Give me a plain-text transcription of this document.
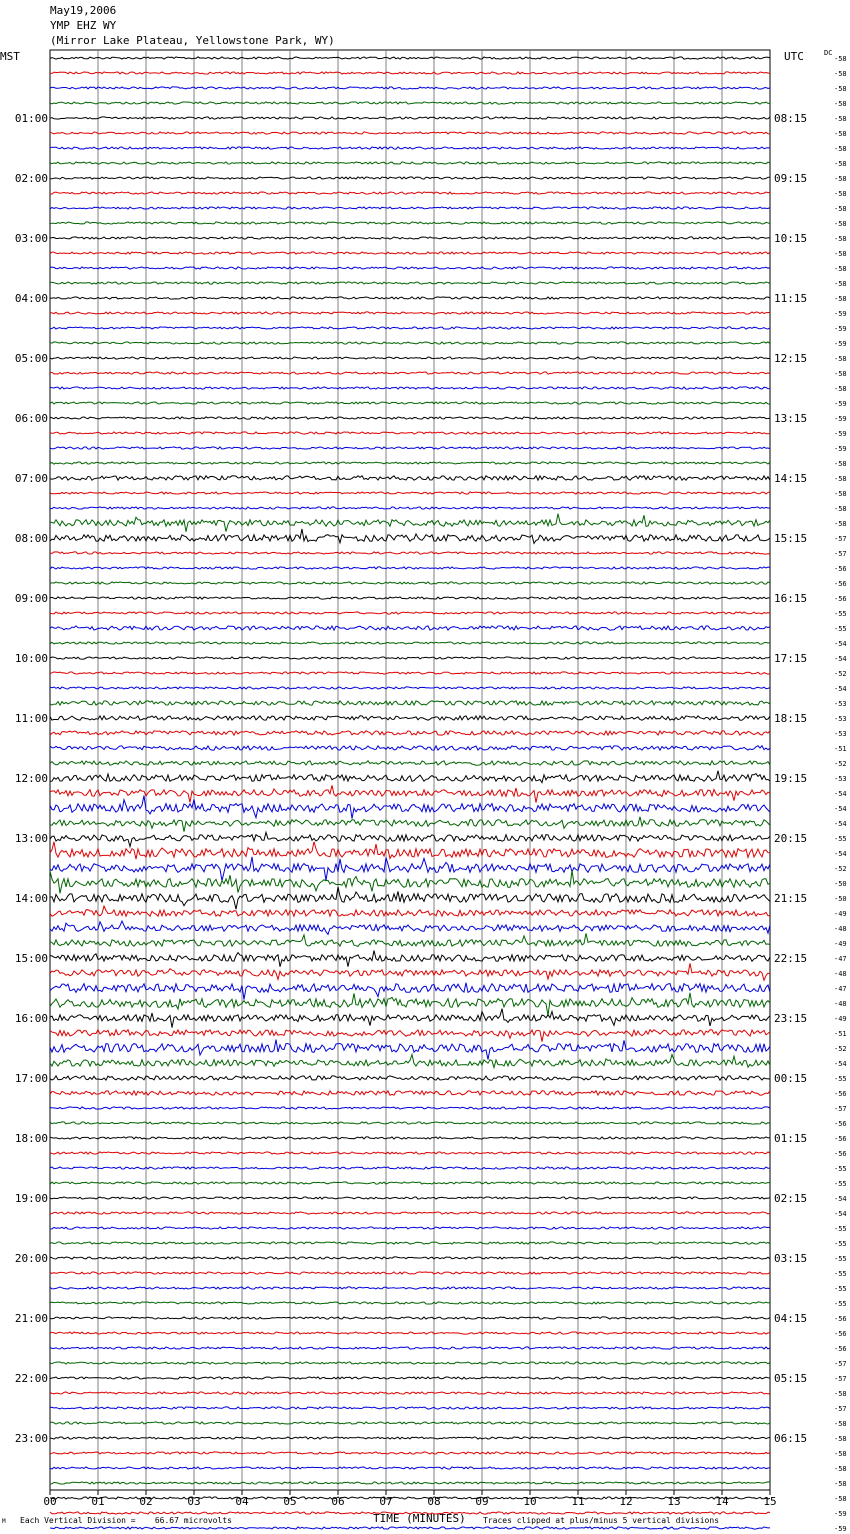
May19,2006
YMP EHZ WY
(Mirror Lake Plateau, Yellowstone Park, WY)
MST	UTC	DC
-58
-58
-58
-58
-58
-58
-58
-58
-58
-58
-58
-58
-58
-58
-58
-58
-58
-59
-59
-59
-58
-58
-58
-59
-59
-59
-59
-58
-58
-58
-58
-58
-57
-57
-56
-56
-56
-55
-55
-54
-54
-52
-54
-53
-53
-53
-51
-52
-53
-54
-54
-54
-55
-54
-52
-50
-50
-49
-48
-49
-47
-48
-47
-48
-49
-51
-52
-54
-55
-56
-57
-56
-56
-56
-55
-55
-54
-54
-55
-55
-55
-55
-55
-55
-56
-56
-56
-57
-57
-58
-57
-58
-58
-58
-58
-58
-58
-59
-59
01:00
02:00
03:00
04:00
05:00
06:00
07:00
08:00
09:00
10:00
11:00
12:00
13:00
14:00
15:00
16:00
17:00
18:00
19:00
20:00
21:00
22:00
23:00
08:15
09:15
10:15
11:15
12:15
13:15
14:15
15:15
16:15
17:15
18:15
19:15
20:15
21:15
22:15
23:15
00:15
01:15
02:15
03:15
04:15
05:15
06:15
00	01	02	03	04	05	06	07	08	09	10	11	12	13	14	15
M Each Vertical Division =    66.67 microvolts	TIME (MINUTES) Traces clipped at plus/minus 5 vertical divisions
